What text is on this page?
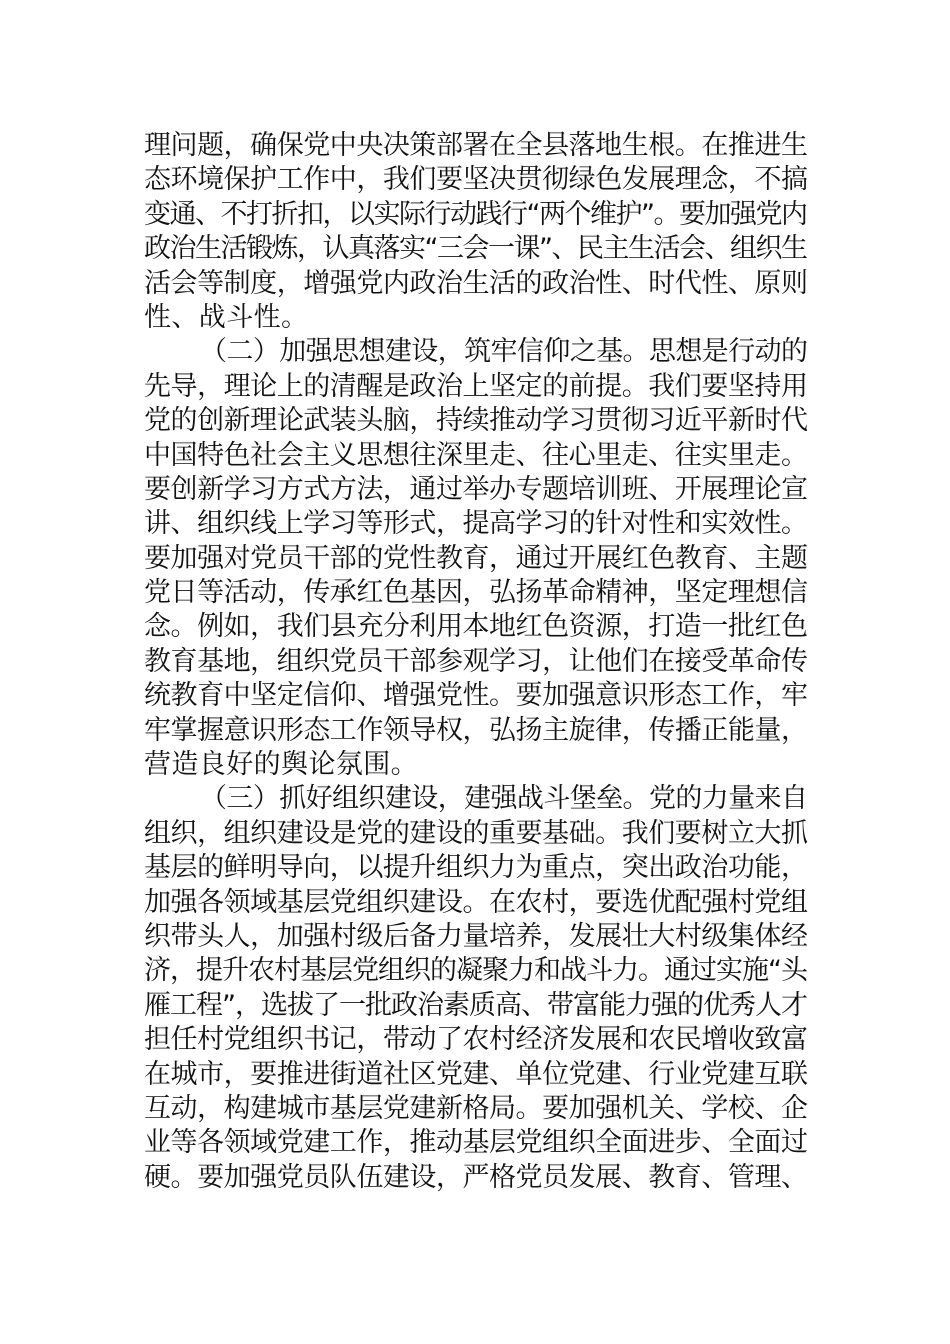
理问题，确保党中央决策部署在全县落地生根。在推进生
态环境保护工作中，我们要坚决贯彻绿色发展理念，不搞
变通、不打折扣，以实际行动践行“两个维护”。要加强党内
政治生活锻炼，认真落实“三会一课”、民主生活会、组织生
活会等制度，增强党内政治生活的政治性、时代性、原则
性、战斗性。
（二）加强思想建设，筑牢信仰之基。思想是行动的
先导，理论上的清醒是政治上坚定的前提。我们要坚持用
党的创新理论武装头脑，持续推动学习贯彻习近平新时代
中国特色社会主义思想往深里走、往心里走、往实里走。
要创新学习方式方法，通过举办专题培训班、开展理论宣
讲、组织线上学习等形式，提高学习的针对性和实效性。
要加强对党员干部的党性教育，通过开展红色教育、主题
党日等活动，传承红色基因，弘扬革命精神，坚定理想信
念。例如，我们县充分利用本地红色资源，打造一批红色
教育基地，组织党员干部参观学习，让他们在接受革命传
统教育中坚定信仰、增强党性。要加强意识形态工作，牢
牢掌握意识形态工作领导权，弘扬主旋律，传播正能量，
营造良好的舆论氛围。
（三）抓好组织建设，建强战斗堡垒。党的力量来自
组织，组织建设是党的建设的重要基础。我们要树立大抓
基层的鲜明导向，以提升组织力为重点，突出政治功能，
加强各领域基层党组织建设。在农村，要选优配强村党组
织带头人，加强村级后备力量培养，发展壮大村级集体经
济，提升农村基层党组织的凝聚力和战斗力。通过实施“头
雁工程”，选拔了一批政治素质高、带富能力强的优秀人才
担任村党组织书记，带动了农村经济发展和农民增收致富
在城市，要推进街道社区党建、单位党建、行业党建互联
互动，构建城市基层党建新格局。要加强机关、学校、企
业等各领域党建工作，推动基层党组织全面进步、全面过
硬。要加强党员队伍建设，严格党员发展、教育、管理、
